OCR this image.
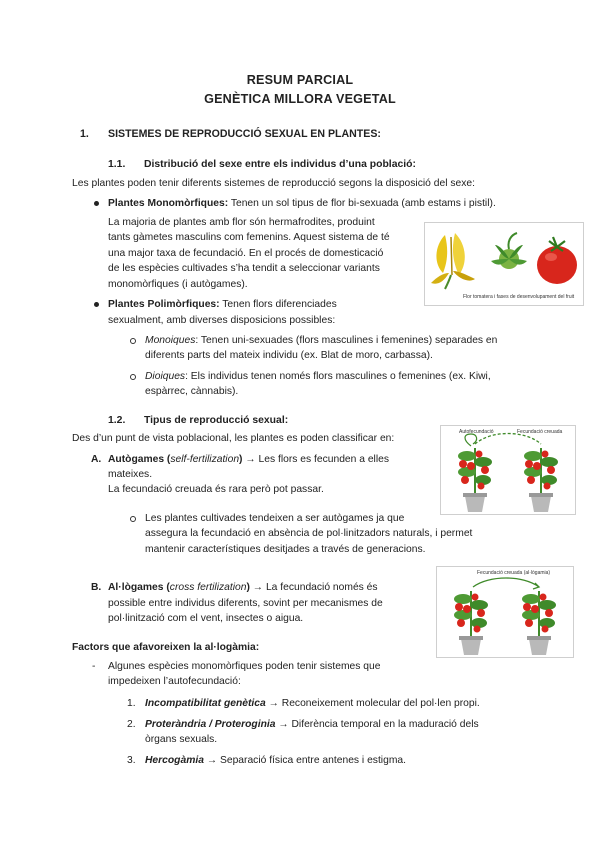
RESUM PARCIAL
GENÈTICA MILLORA VEGETAL
1. SISTEMES DE REPRODUCCIÓ SEXUAL EN PLANTES:
1.1. Distribució del sexe entre els individus d’una població:
Les plantes poden tenir diferents sistemes de reproducció segons la disposició del sexe:
Plantes Monomòrfiques: Tenen un sol tipus de flor bi-sexuada (amb estams i pistil).
La majoria de plantes amb flor són hermafrodites, produint
tants gàmetes masculins com femenins. Aquest sistema de té
una major taxa de fecundació. En el procés de domesticació
de les espècies cultivades s’ha tendit a seleccionar variants
monomòrfiques (i autògames).
Flor tomatera i fases de desenvolupament del fruit
Plantes Polimòrfiques: Tenen flors diferenciades
sexualment, amb diverses disposicions possibles:
Monoiques: Tenen uni-sexuades (flors masculines i femenines) separades en
diferents parts del mateix individu (ex. Blat de moro, carbassa).
Dioiques: Els individus tenen només flors masculines o femenines (ex. Kiwi,
espàrrec, cànnabis).
1.2. Tipus de reproducció sexual:
Des d’un punt de vista poblacional, les plantes es poden classificar en:
A. Autògames (self-fertilization) → Les flors es fecunden a elles
mateixes.
La fecundació creuada és rara però pot passar.
Les plantes cultivades tendeixen a ser autògames ja que
assegura la fecundació en absència de pol·linitzadors naturals, i permet
mantenir característiques desitjades a través de generacions.
Autofecundació	Fecundació creuada
B. Al·lògames (cross fertilization) → La fecundació només és
possible entre individus diferents, sovint per mecanismes de
pol·linització com el vent, insectes o aigua.
Fecundació creuada (al·lògamia)
Factors que afavoreixen la al·logàmia:
- Algunes espècies monomòrfiques poden tenir sistemes que
impedeixen l’autofecundació:
1. Incompatibilitat genètica → Reconeixement molecular del pol·len propi.
2. Proteràndria / Proteroginia → Diferència temporal en la maduració dels
òrgans sexuals.
3. Hercogàmia → Separació física entre antenes i estigma.
